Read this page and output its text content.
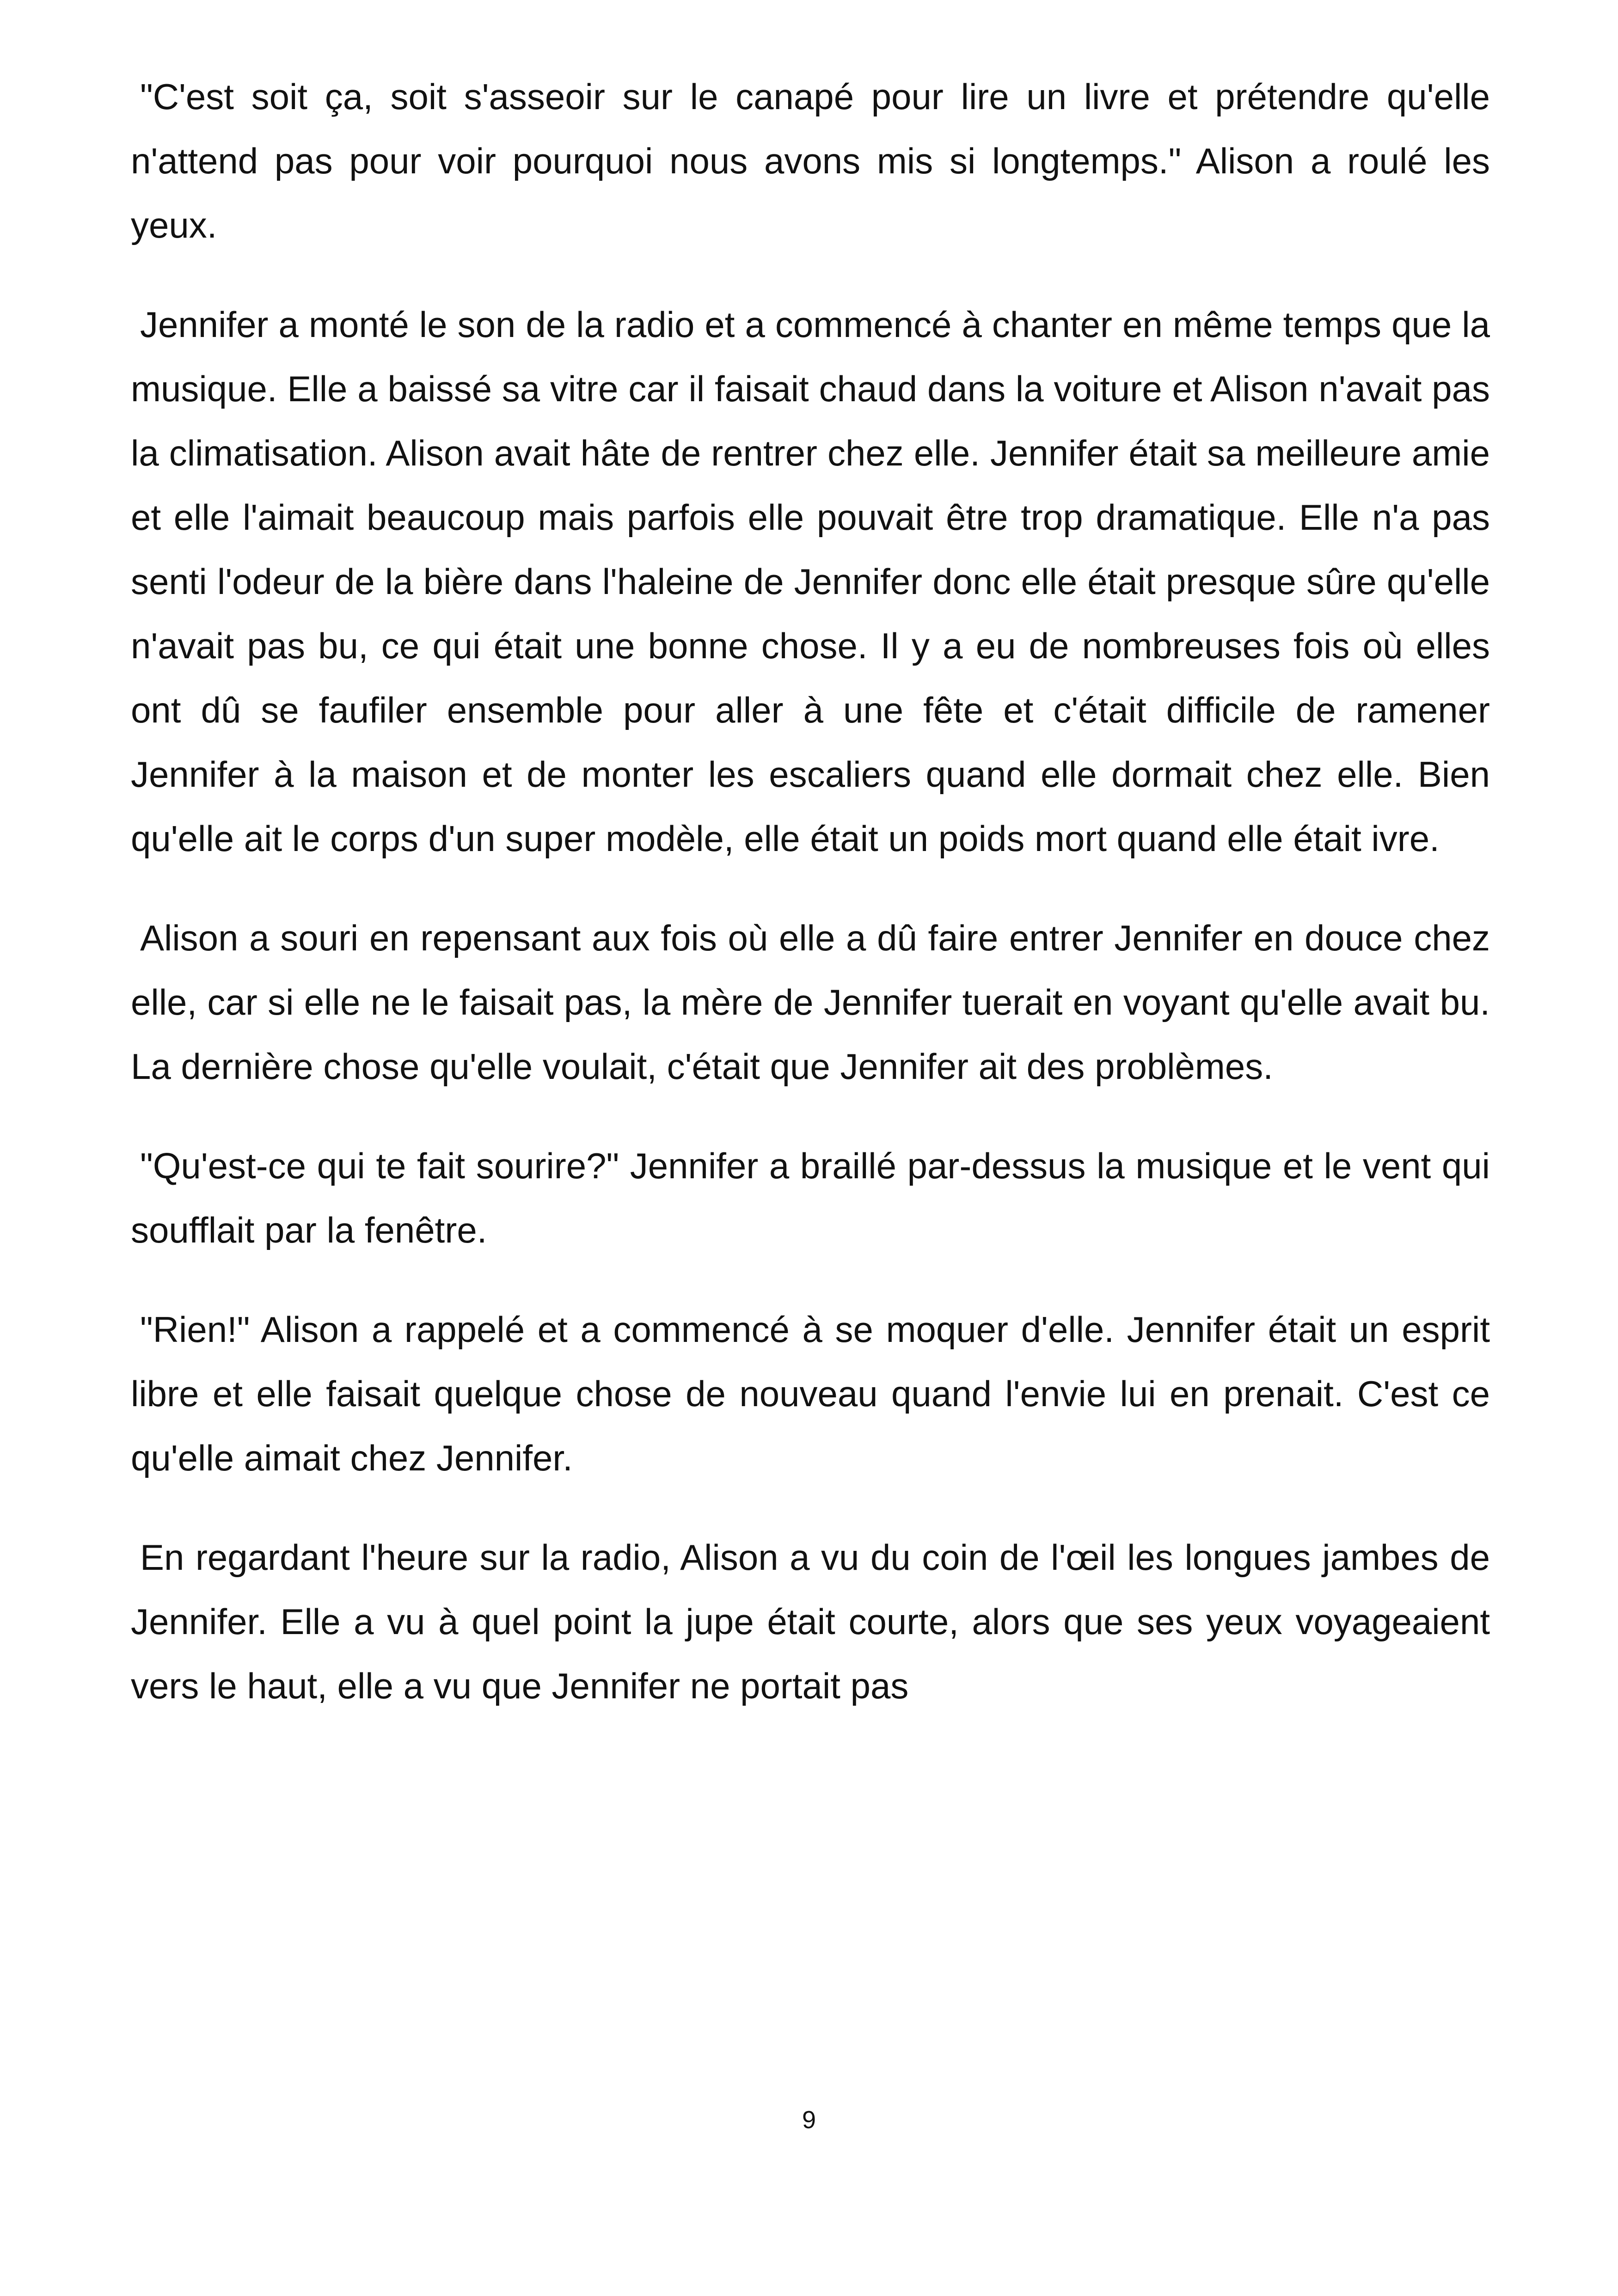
"C'est soit ça, soit s'asseoir sur le canapé pour lire un livre et prétendre qu'elle n'attend pas pour voir pourquoi nous avons mis si longtemps." Alison a roulé les yeux.

Jennifer a monté le son de la radio et a commencé à chanter en même temps que la musique. Elle a baissé sa vitre car il faisait chaud dans la voiture et Alison n'avait pas la climatisation. Alison avait hâte de rentrer chez elle. Jennifer était sa meilleure amie et elle l'aimait beaucoup mais parfois elle pouvait être trop dramatique. Elle n'a pas senti l'odeur de la bière dans l'haleine de Jennifer donc elle était presque sûre qu'elle n'avait pas bu, ce qui était une bonne chose. Il y a eu de nombreuses fois où elles ont dû se faufiler ensemble pour aller à une fête et c'était difficile de ramener Jennifer à la maison et de monter les escaliers quand elle dormait chez elle. Bien qu'elle ait le corps d'un super modèle, elle était un poids mort quand elle était ivre.

Alison a souri en repensant aux fois où elle a dû faire entrer Jennifer en douce chez elle, car si elle ne le faisait pas, la mère de Jennifer tuerait en voyant qu'elle avait bu. La dernière chose qu'elle voulait, c'était que Jennifer ait des problèmes.

"Qu'est-ce qui te fait sourire?" Jennifer a braillé par-dessus la musique et le vent qui soufflait par la fenêtre.

"Rien!" Alison a rappelé et a commencé à se moquer d'elle. Jennifer était un esprit libre et elle faisait quelque chose de nouveau quand l'envie lui en prenait. C'est ce qu'elle aimait chez Jennifer.

En regardant l'heure sur la radio, Alison a vu du coin de l'œil les longues jambes de Jennifer. Elle a vu à quel point la jupe était courte, alors que ses yeux voyageaient vers le haut, elle a vu que Jennifer ne portait pas

9
